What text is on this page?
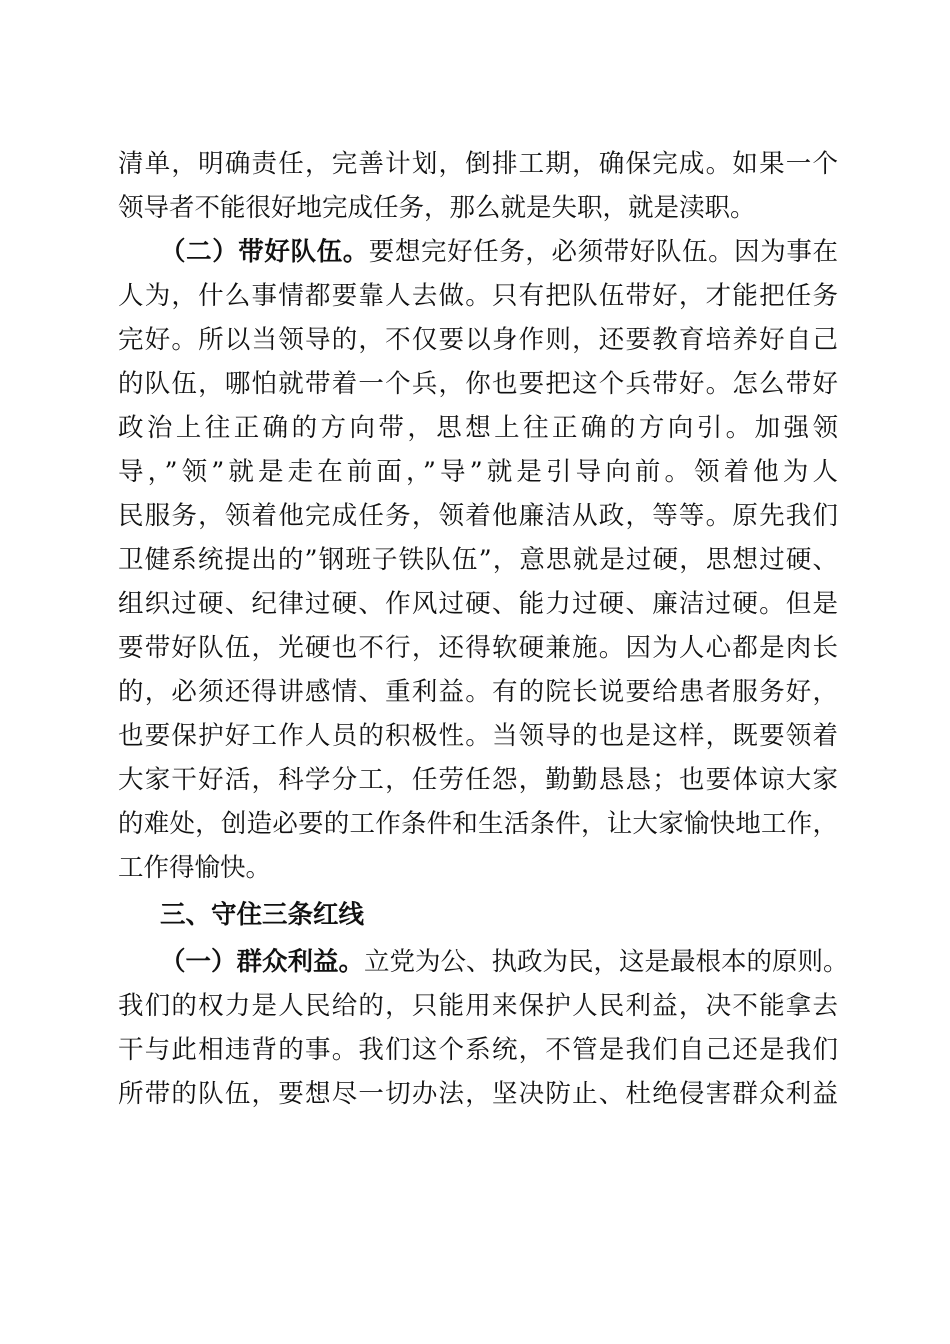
清单，明确责任，完善计划，倒排工期，确保完成。如果一个
领导者不能很好地完成任务，那么就是失职，就是渎职。
（二）带好队伍。要想完好任务，必须带好队伍。因为事在
人为，什么事情都要靠人去做。只有把队伍带好，才能把任务
完好。所以当领导的，不仅要以身作则，还要教育培养好自己
的队伍，哪怕就带着一个兵，你也要把这个兵带好。怎么带好
政治上往正确的方向带，思想上往正确的方向引。加强领
导，”领”就是走在前面，”导”就是引导向前。领着他为人
民服务，领着他完成任务，领着他廉洁从政，等等。原先我们
卫健系统提出的”钢班子铁队伍”，意思就是过硬，思想过硬、
组织过硬、纪律过硬、作风过硬、能力过硬、廉洁过硬。但是
要带好队伍，光硬也不行，还得软硬兼施。因为人心都是肉长
的，必须还得讲感情、重利益。有的院长说要给患者服务好，
也要保护好工作人员的积极性。当领导的也是这样，既要领着
大家干好活，科学分工，任劳任怨，勤勤恳恳；也要体谅大家
的难处，创造必要的工作条件和生活条件，让大家愉快地工作，
工作得愉快。
三、守住三条红线
（一）群众利益。立党为公、执政为民，这是最根本的原则。
我们的权力是人民给的，只能用来保护人民利益，决不能拿去
干与此相违背的事。我们这个系统，不管是我们自己还是我们
所带的队伍，要想尽一切办法，坚决防止、杜绝侵害群众利益
